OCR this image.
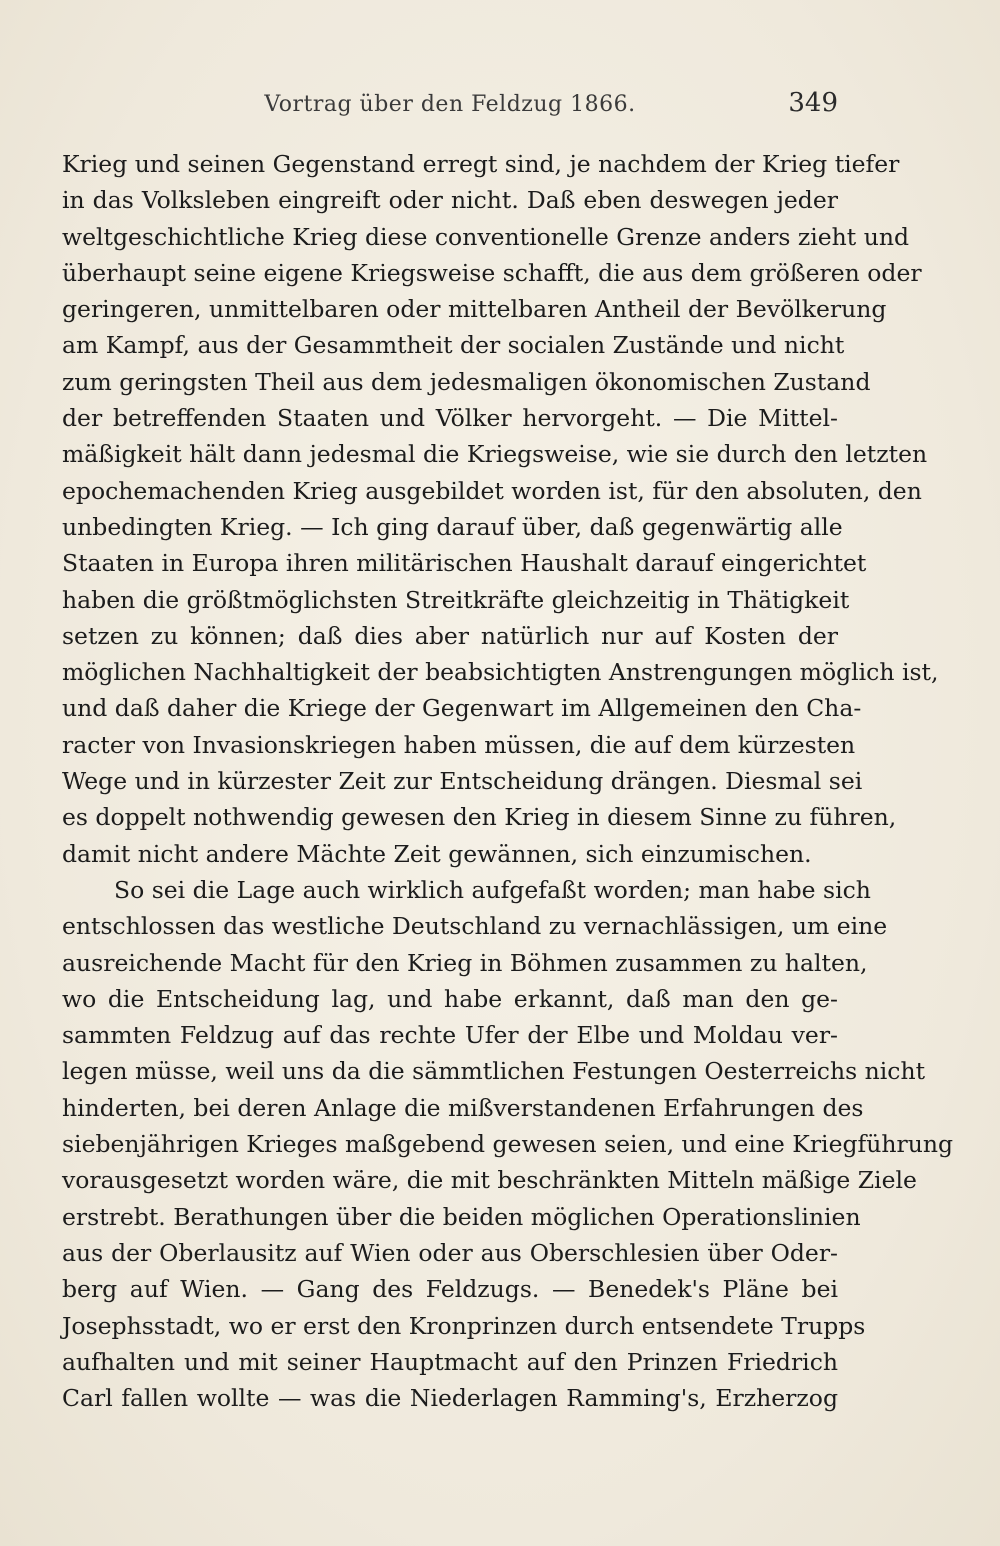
Vortrag über den Feldzug 1866.	349
Krieg und seinen Gegenstand erregt sind, je nachdem der Krieg tiefer
in das Volksleben eingreift oder nicht. Daß eben deswegen jeder
weltgeschichtliche Krieg diese conventionelle Grenze anders zieht und
überhaupt seine eigene Kriegsweise schafft, die aus dem größeren oder
geringeren, unmittelbaren oder mittelbaren Antheil der Bevölkerung
am Kampf, aus der Gesammtheit der socialen Zustände und nicht
zum geringsten Theil aus dem jedesmaligen ökonomischen Zustand
der betreffenden Staaten und Völker hervorgeht. — Die Mittel-
mäßigkeit hält dann jedesmal die Kriegsweise, wie sie durch den letzten
epochemachenden Krieg ausgebildet worden ist, für den absoluten, den
unbedingten Krieg. — Ich ging darauf über, daß gegenwärtig alle
Staaten in Europa ihren militärischen Haushalt darauf eingerichtet
haben die größtmöglichsten Streitkräfte gleichzeitig in Thätigkeit
setzen zu können; daß dies aber natürlich nur auf Kosten der
möglichen Nachhaltigkeit der beabsichtigten Anstrengungen möglich ist,
und daß daher die Kriege der Gegenwart im Allgemeinen den Cha-
racter von Invasionskriegen haben müssen, die auf dem kürzesten
Wege und in kürzester Zeit zur Entscheidung drängen. Diesmal sei
es doppelt nothwendig gewesen den Krieg in diesem Sinne zu führen,
damit nicht andere Mächte Zeit gewännen, sich einzumischen.
So sei die Lage auch wirklich aufgefaßt worden; man habe sich
entschlossen das westliche Deutschland zu vernachlässigen, um eine
ausreichende Macht für den Krieg in Böhmen zusammen zu halten,
wo die Entscheidung lag, und habe erkannt, daß man den ge-
sammten Feldzug auf das rechte Ufer der Elbe und Moldau ver-
legen müsse, weil uns da die sämmtlichen Festungen Oesterreichs nicht
hinderten, bei deren Anlage die mißverstandenen Erfahrungen des
siebenjährigen Krieges maßgebend gewesen seien, und eine Kriegführung
vorausgesetzt worden wäre, die mit beschränkten Mitteln mäßige Ziele
erstrebt. Berathungen über die beiden möglichen Operationslinien
aus der Oberlausitz auf Wien oder aus Oberschlesien über Oder-
berg auf Wien. — Gang des Feldzugs. — Benedek's Pläne bei
Josephsstadt, wo er erst den Kronprinzen durch entsendete Trupps
aufhalten und mit seiner Hauptmacht auf den Prinzen Friedrich
Carl fallen wollte — was die Niederlagen Ramming's, Erzherzog
